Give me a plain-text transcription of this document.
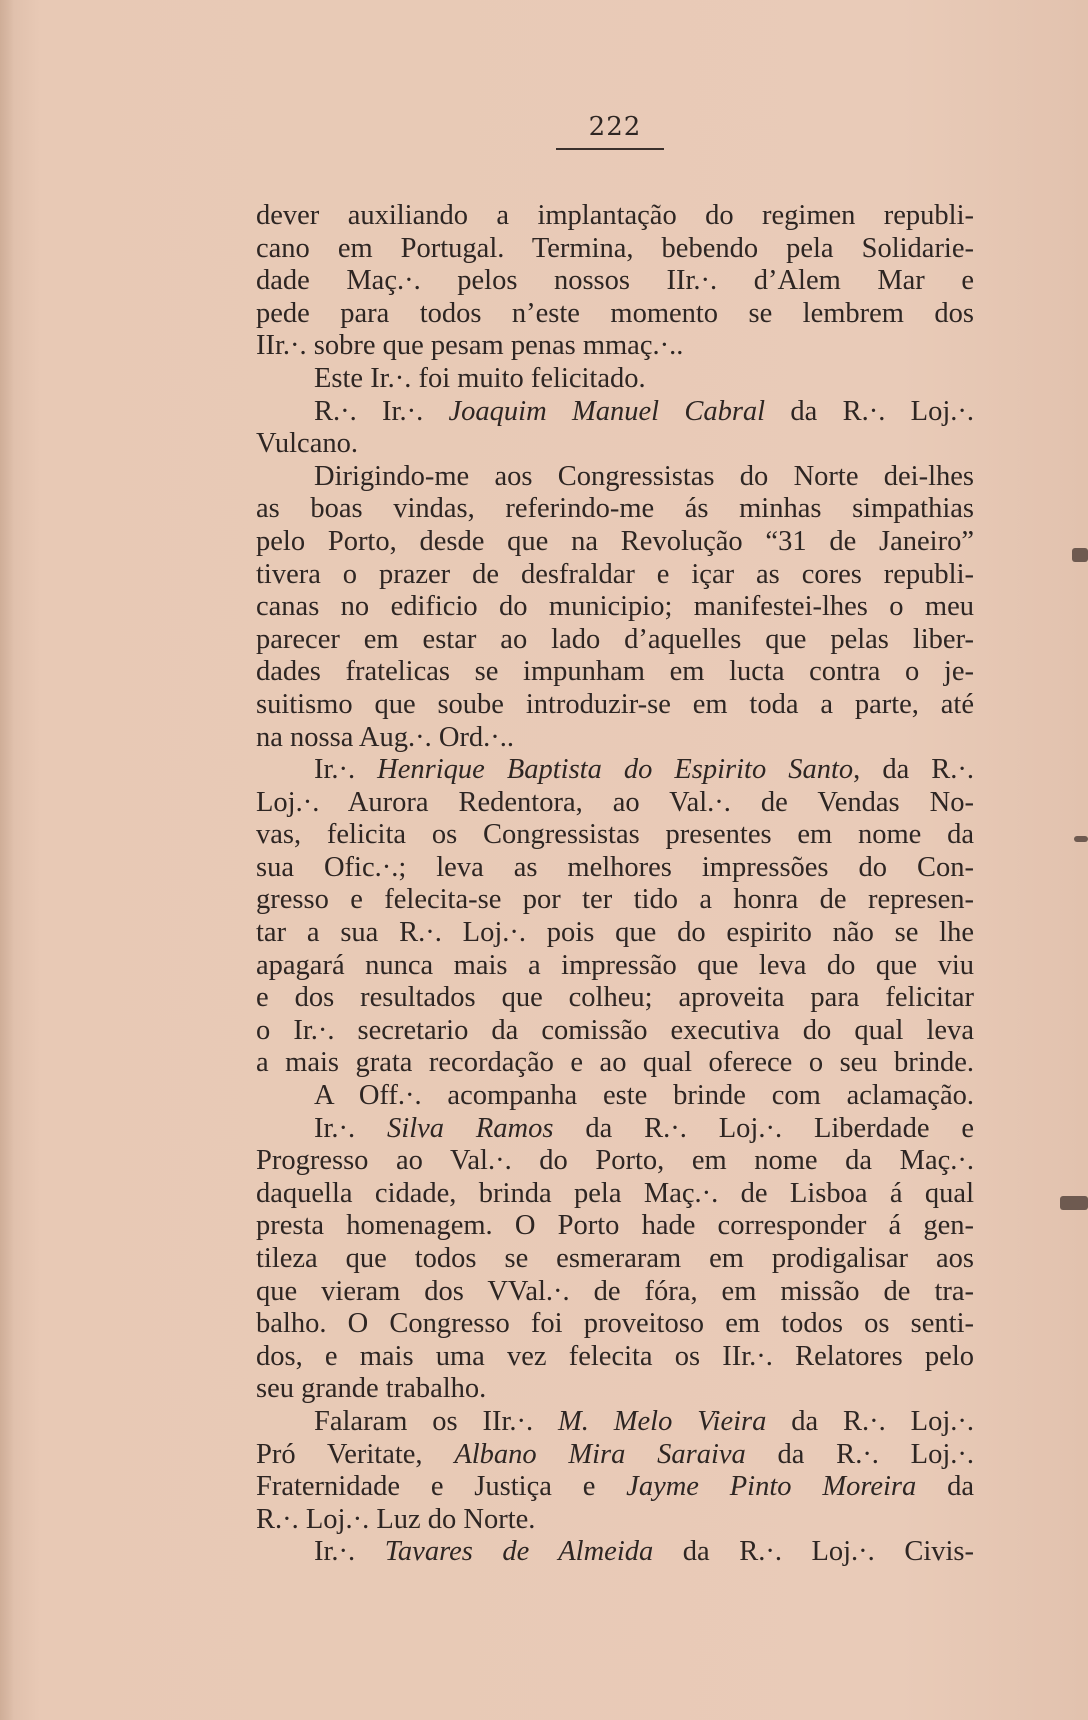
222
dever auxiliando a implantação do regimen republi-
cano em Portugal. Termina, bebendo pela Solidarie-
dade Maç.·. pelos nossos IIr.·. d’Alem Mar e
pede para todos n’este momento se lembrem dos
IIr.·. sobre que pesam penas mmaç.·..
Este Ir.·. foi muito felicitado.
R.·. Ir.·. Joaquim Manuel Cabral da R.·. Loj.·.
Vulcano.
Dirigindo-me aos Congressistas do Norte dei-lhes
as boas vindas, referindo-me ás minhas simpathias
pelo Porto, desde que na Revolução “31 de Janeiro”
tivera o prazer de desfraldar e içar as cores republi-
canas no edificio do municipio; manifestei-lhes o meu
parecer em estar ao lado d’aquelles que pelas liber-
dades fratelicas se impunham em lucta contra o je-
suitismo que soube introduzir-se em toda a parte, até
na nossa Aug.·. Ord.·..
Ir.·. Henrique Baptista do Espirito Santo, da R.·.
Loj.·. Aurora Redentora, ao Val.·. de Vendas No-
vas, felicita os Congressistas presentes em nome da
sua Ofic.·.; leva as melhores impressões do Con-
gresso e felecita-se por ter tido a honra de represen-
tar a sua R.·. Loj.·. pois que do espirito não se lhe
apagará nunca mais a impressão que leva do que viu
e dos resultados que colheu; aproveita para felicitar
o Ir.·. secretario da comissão executiva do qual leva
a mais grata recordação e ao qual oferece o seu brinde.
A Off.·. acompanha este brinde com aclamação.
Ir.·. Silva Ramos da R.·. Loj.·. Liberdade e
Progresso ao Val.·. do Porto, em nome da Maç.·.
daquella cidade, brinda pela Maç.·. de Lisboa á qual
presta homenagem. O Porto hade corresponder á gen-
tileza que todos se esmeraram em prodigalisar aos
que vieram dos VVal.·. de fóra, em missão de tra-
balho. O Congresso foi proveitoso em todos os senti-
dos, e mais uma vez felecita os IIr.·. Relatores pelo
seu grande trabalho.
Falaram os IIr.·. M. Melo Vieira da R.·. Loj.·.
Pró Veritate, Albano Mira Saraiva da R.·. Loj.·.
Fraternidade e Justiça e Jayme Pinto Moreira da
R.·. Loj.·. Luz do Norte.
Ir.·. Tavares de Almeida da R.·. Loj.·. Civis-
